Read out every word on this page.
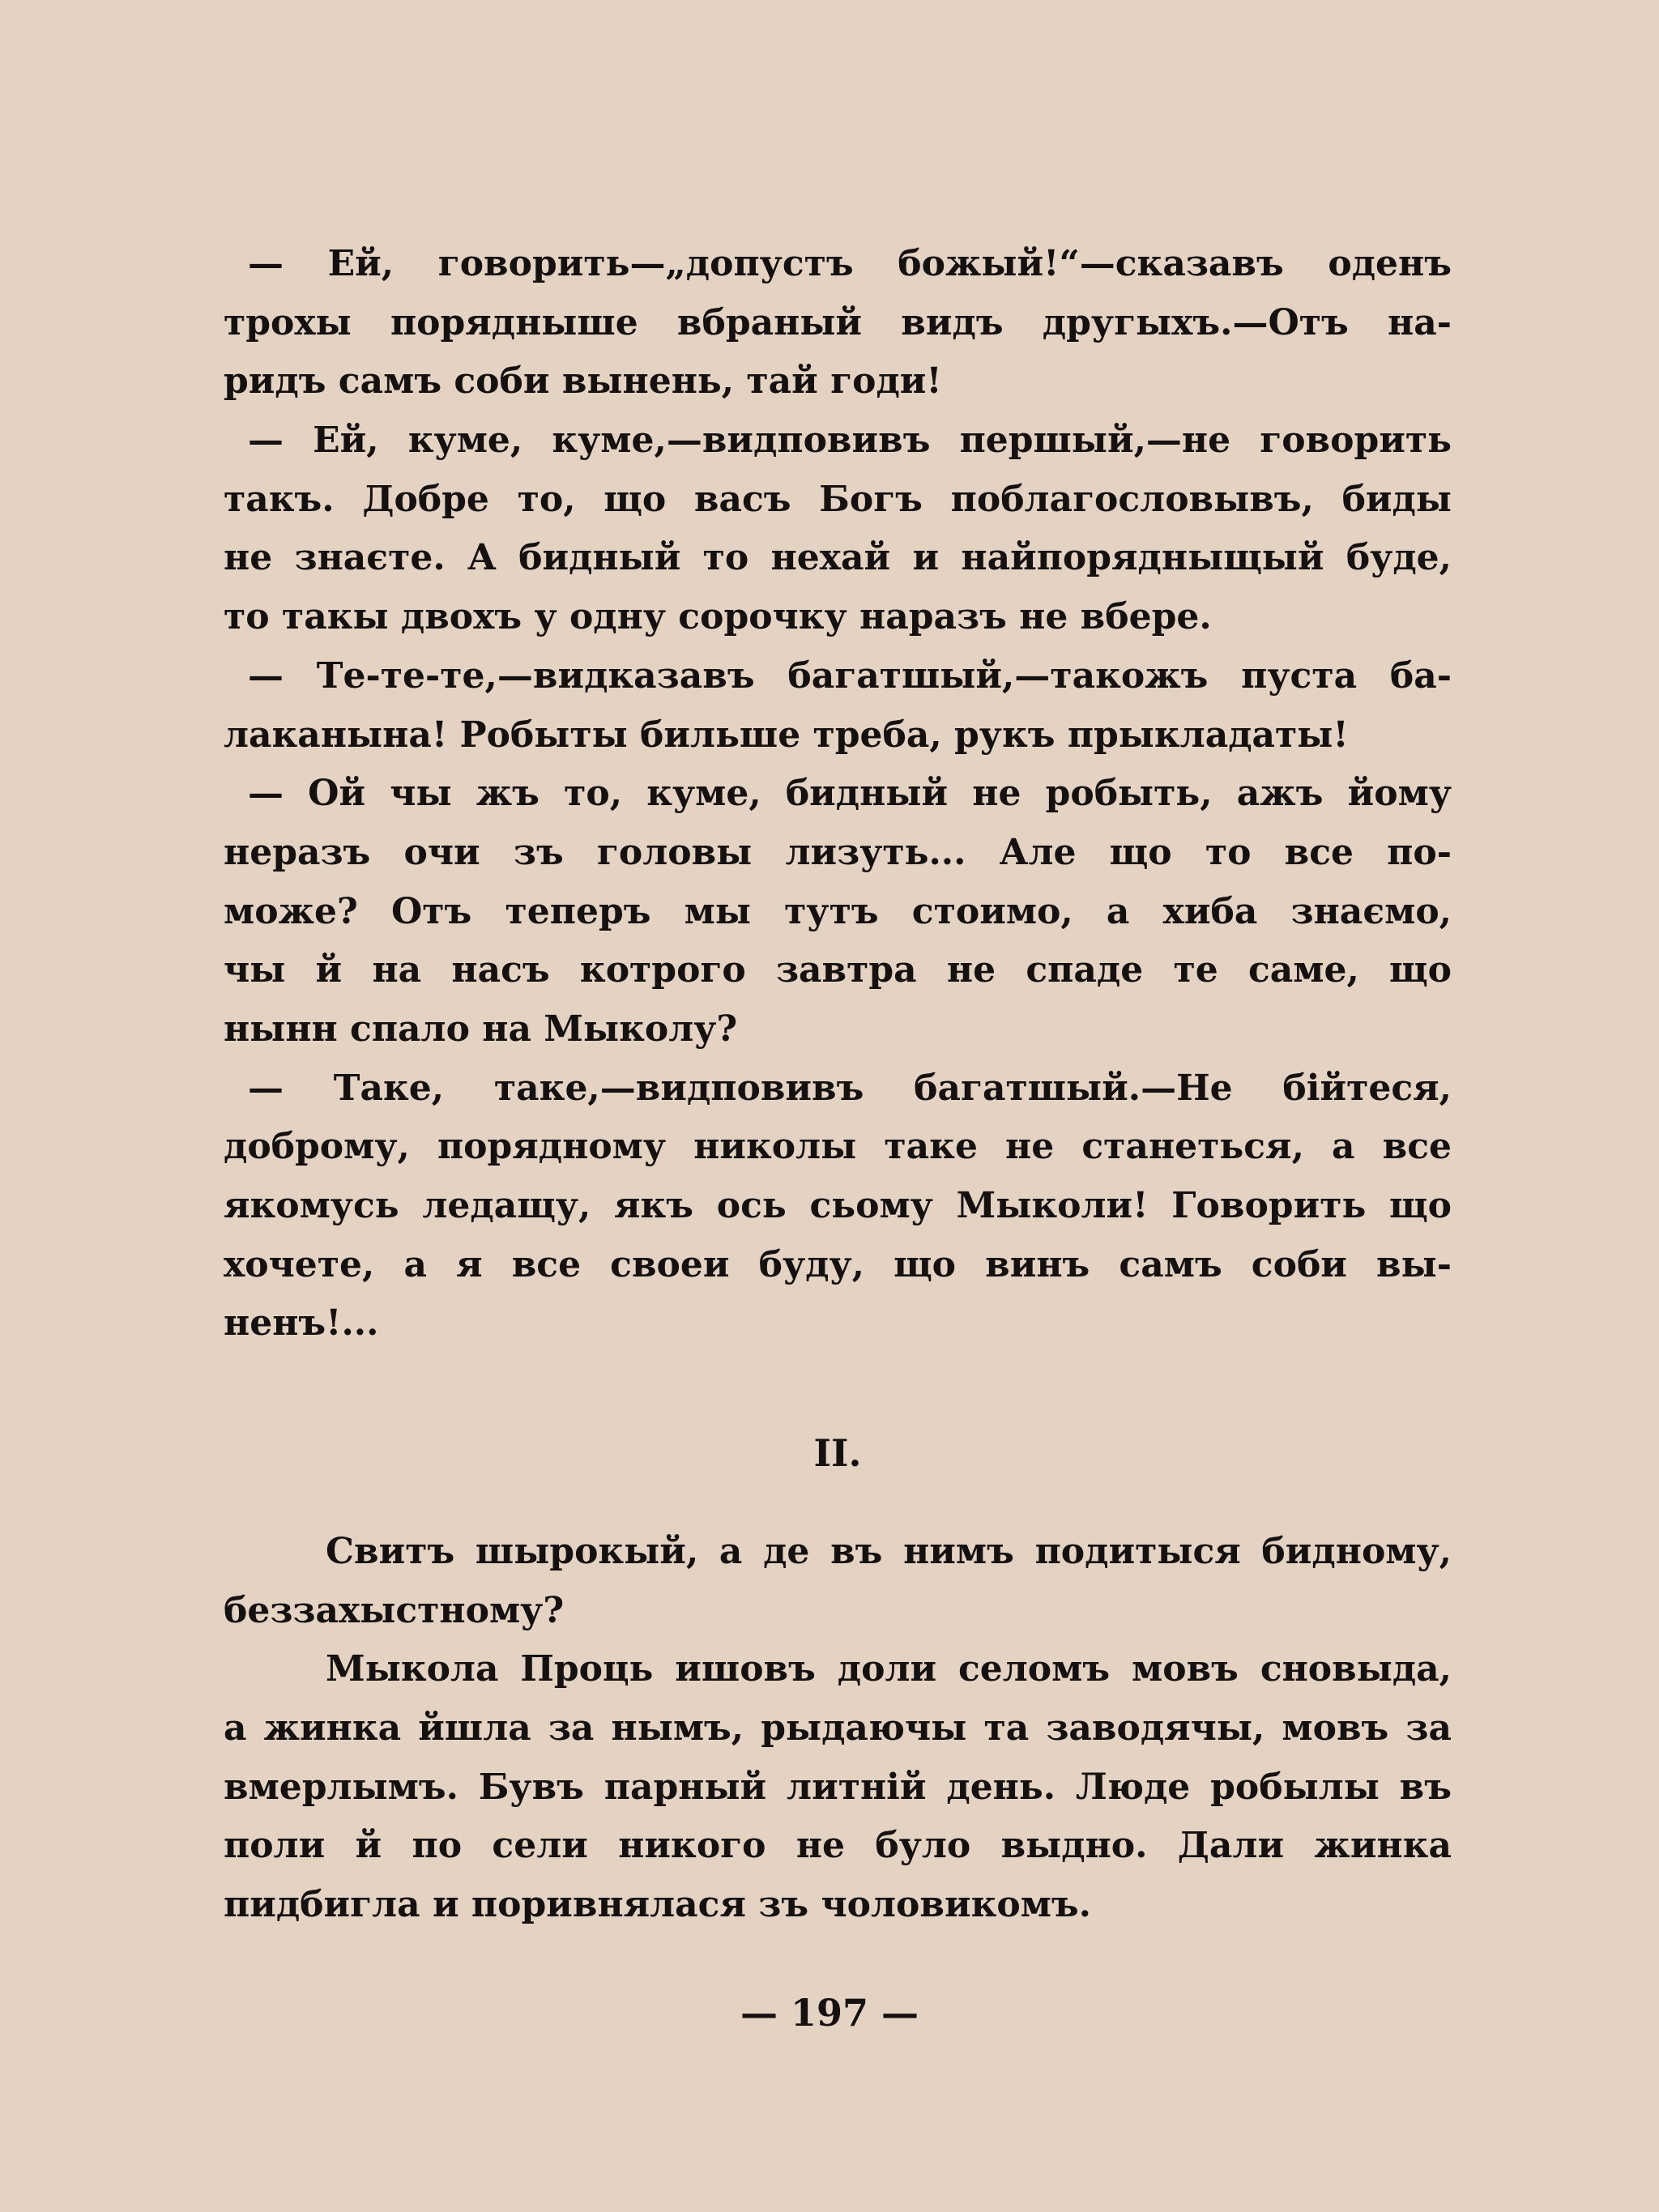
— Ей, говорить—„допустъ божый!“—сказавъ оденъ
трохы порядныше вбраный видъ другыхъ.—Отъ на-
ридъ самъ соби вынень, тай годи!
— Ей, куме, куме,—видповивъ першый,—не говорить
такъ. Добре то, що васъ Богъ поблагословывъ, биды
не знаєте. А бидный то нехай и найпорядныщый буде,
то такы двохъ у одну сорочку наразъ не вбере.
— Те-те-те,—видказавъ багатшый,—такожъ пуста ба-
лаканына! Робыты бильше треба, рукъ прыкладаты!
— Ой чы жъ то, куме, бидный не робыть, ажъ йому
неразъ очи зъ головы лизуть... Але що то все по-
може? Отъ теперъ мы тутъ стоимо, а хиба знаємо,
чы й на насъ котрого завтра не спаде те саме, що
нынн спало на Мыколу?
— Таке, таке,—видповивъ багатшый.—Не бійтеся,
доброму, порядному николы таке не станеться, а все
якомусь ледащу, якъ ось сьому Мыколи! Говорить що
хочете, а я все своеи буду, що винъ самъ соби вы-
ненъ!...
II.
Свитъ шырокый, а де въ нимъ подитыся бидному,
беззахыстному?
Мыкола Проць ишовъ доли селомъ мовъ сновыда,
а жинка йшла за нымъ, рыдаючы та заводячы, мовъ за
вмерлымъ. Бувъ парный литній день. Люде робылы въ
поли й по сели никого не було выдно. Дали жинка
пидбигла и поривнялася зъ чоловикомъ.
— 197 —
